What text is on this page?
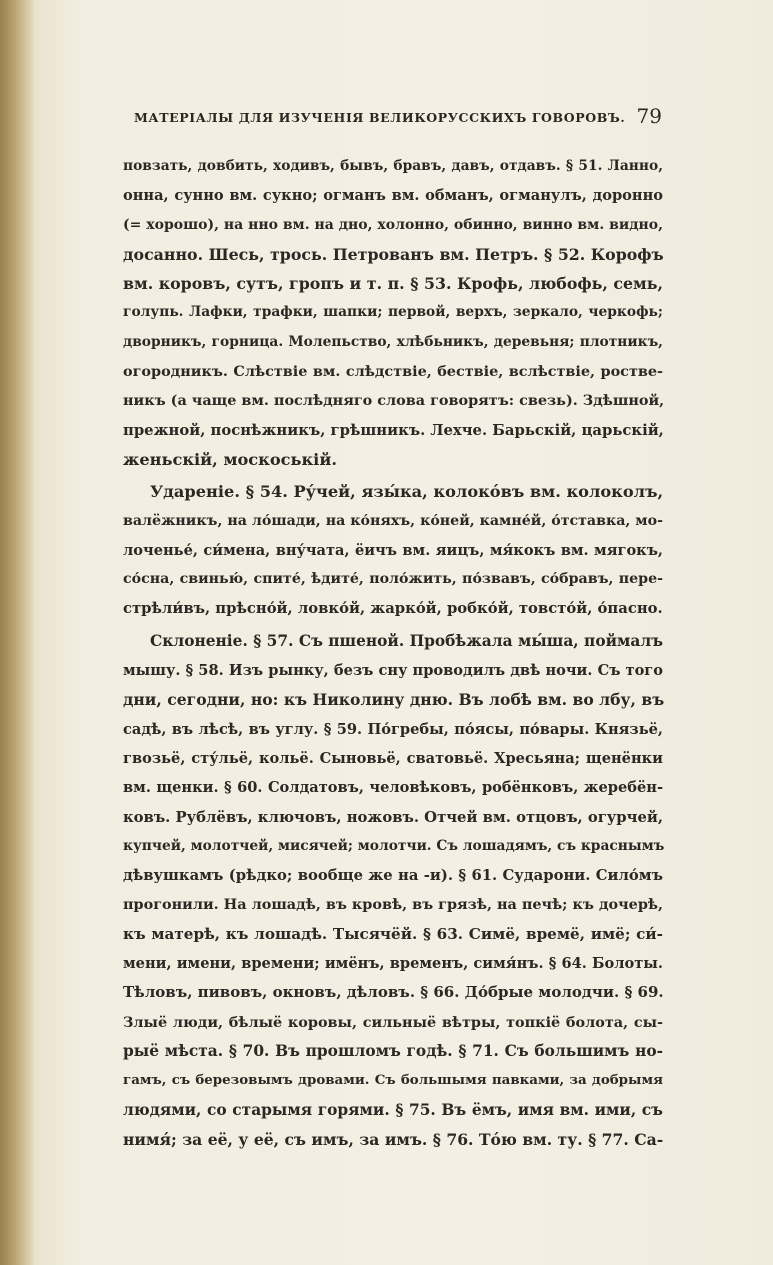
МАТЕРІАЛЫ ДЛЯ ИЗУЧЕНІЯ ВЕЛИКОРУССКИХЪ ГОВОРОВЪ. 79
повзать, довбить, ходивъ, бывъ, бравъ, давъ, отдавъ. § 51. Ланно,
онна, сунно вм. сукно; огманъ вм. обманъ, огманулъ, доронно
(= хорошо), на нно вм. на дно, холонно, обинно, винно вм. видно,
досанно. Шесь, трось. Петрованъ вм. Петръ. § 52. Корофъ
вм. коровъ, сутъ, гропъ и т. п. § 53. Крофь, любофь, семь,
голупь. Лафки, трафки, шапки; первой, верхъ, зеркало, черкофь;
дворникъ, горница. Молепьство, хлѣбьникъ, деревьня; плотникъ,
огородникъ. Слѣствіе вм. слѣдствіе, бествіе, вслѣствіе, роствe-
никъ (а чаще вм. послѣдняго слова говорятъ: свезь). Здѣшной,
прежной, поснѣжникъ, грѣшникъ. Лехче. Барьскій, царьскій,
женьскій, москоській.
Удареніе. § 54. Ру́чей, язы́ка, колоко́въ вм. колоколъ,
валёжникъ, на ло́шади, на ко́няхъ, ко́ней, камне́й, о́тставка, мо-
лоченье́, си́мена, вну́чата, ёичъ вм. яицъ, мя́кокъ вм. мягокъ,
со́сна, свинью́, спите́, ѣдите́, поло́жить, по́звавъ, со́бравъ, пере-
стрѣли́въ, прѣсно́й, ловко́й, жарко́й, робко́й, товсто́й, о́пасно.
Склоненіе. § 57. Съ пшеной. Пробѣжала мы́ша, поймалъ
мышу. § 58. Изъ рынку, безъ сну проводилъ двѣ ночи. Съ того
дни, сегодни, но: къ Николину дню. Въ лобѣ вм. во лбу, въ
садѣ, въ лѣсѣ, въ углу. § 59. По́гребы, по́ясы, по́вары. Князьё,
гвозьё, сту́льё, кольё. Сыновьё, сватовьё. Хресьяна; щенёнки
вм. щенки. § 60. Солдатовъ, человѣковъ, робёнковъ, жеребён-
ковъ. Рублёвъ, ключовъ, ножовъ. Отчей вм. отцовъ, огурчей,
купчей, молотчей, мисячей; молотчи. Съ лошадямъ, съ краснымъ
дѣвушкамъ (рѣдко; вообще же на -и). § 61. Сударони. Сило́мъ
прогонили. На лошадѣ, въ кровѣ, въ грязѣ, на печѣ; къ дочерѣ,
къ матерѣ, къ лошадѣ. Тысячёй. § 63. Симё, времё, имё; си́-
мени, имени, времени; имёнъ, временъ, симя́нъ. § 64. Болоты.
Тѣловъ, пивовъ, окновъ, дѣловъ. § 66. До́брые молодчи. § 69.
Злыё люди, бѣлыё коровы, сильныё вѣтры, топкіё болота, сы-
рыё мѣста. § 70. Въ прошломъ годѣ. § 71. Съ большимъ но-
гамъ, съ березовымъ дровами. Съ большымя павками, за добрымя
людями, со старымя горями. § 75. Въ ёмъ, имя вм. ими, съ
нимя́; за её, у её, съ имъ, за имъ. § 76. То́ю вм. ту. § 77. Са-
